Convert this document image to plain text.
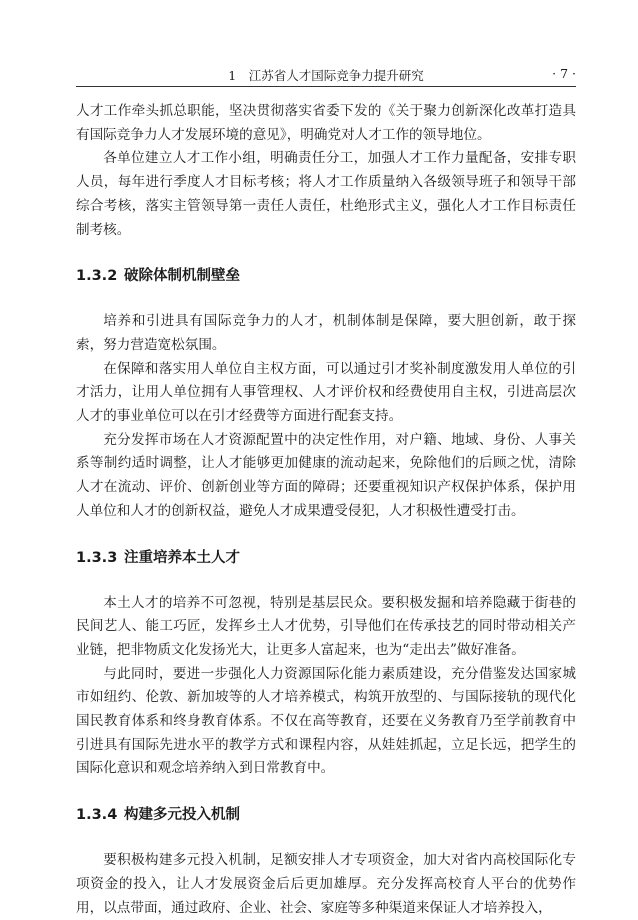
1　江苏省人才国际竞争力提升研究	· 7 ·

人才工作牵头抓总职能，坚决贯彻落实省委下发的《关于聚力创新深化改革打造具有国际竞争力人才发展环境的意见》，明确党对人才工作的领导地位。

各单位建立人才工作小组，明确责任分工，加强人才工作力量配备，安排专职人员，每年进行季度人才目标考核；将人才工作质量纳入各级领导班子和领导干部综合考核，落实主管领导第一责任人责任，杜绝形式主义，强化人才工作目标责任制考核。

1.3.2 破除体制机制壁垒

培养和引进具有国际竞争力的人才，机制体制是保障，要大胆创新，敢于探索，努力营造宽松氛围。

在保障和落实用人单位自主权方面，可以通过引才奖补制度激发用人单位的引才活力，让用人单位拥有人事管理权、人才评价权和经费使用自主权，引进高层次人才的事业单位可以在引才经费等方面进行配套支持。

充分发挥市场在人才资源配置中的决定性作用，对户籍、地域、身份、人事关系等制约适时调整，让人才能够更加健康的流动起来，免除他们的后顾之忧，清除人才在流动、评价、创新创业等方面的障碍；还要重视知识产权保护体系，保护用人单位和人才的创新权益，避免人才成果遭受侵犯，人才积极性遭受打击。

1.3.3 注重培养本土人才

本土人才的培养不可忽视，特别是基层民众。要积极发掘和培养隐藏于街巷的民间艺人、能工巧匠，发挥乡土人才优势，引导他们在传承技艺的同时带动相关产业链，把非物质文化发扬光大，让更多人富起来，也为“走出去”做好准备。

与此同时，要进一步强化人力资源国际化能力素质建设，充分借鉴发达国家城市如纽约、伦敦、新加坡等的人才培养模式，构筑开放型的、与国际接轨的现代化国民教育体系和终身教育体系。不仅在高等教育，还要在义务教育乃至学前教育中引进具有国际先进水平的教学方式和课程内容，从娃娃抓起，立足长远，把学生的国际化意识和观念培养纳入到日常教育中。

1.3.4 构建多元投入机制

要积极构建多元投入机制，足额安排人才专项资金，加大对省内高校国际化专项资金的投入，让人才发展资金后后更加雄厚。充分发挥高校育人平台的优势作用，以点带面，通过政府、企业、社会、家庭等多种渠道来保证人才培养投入，
